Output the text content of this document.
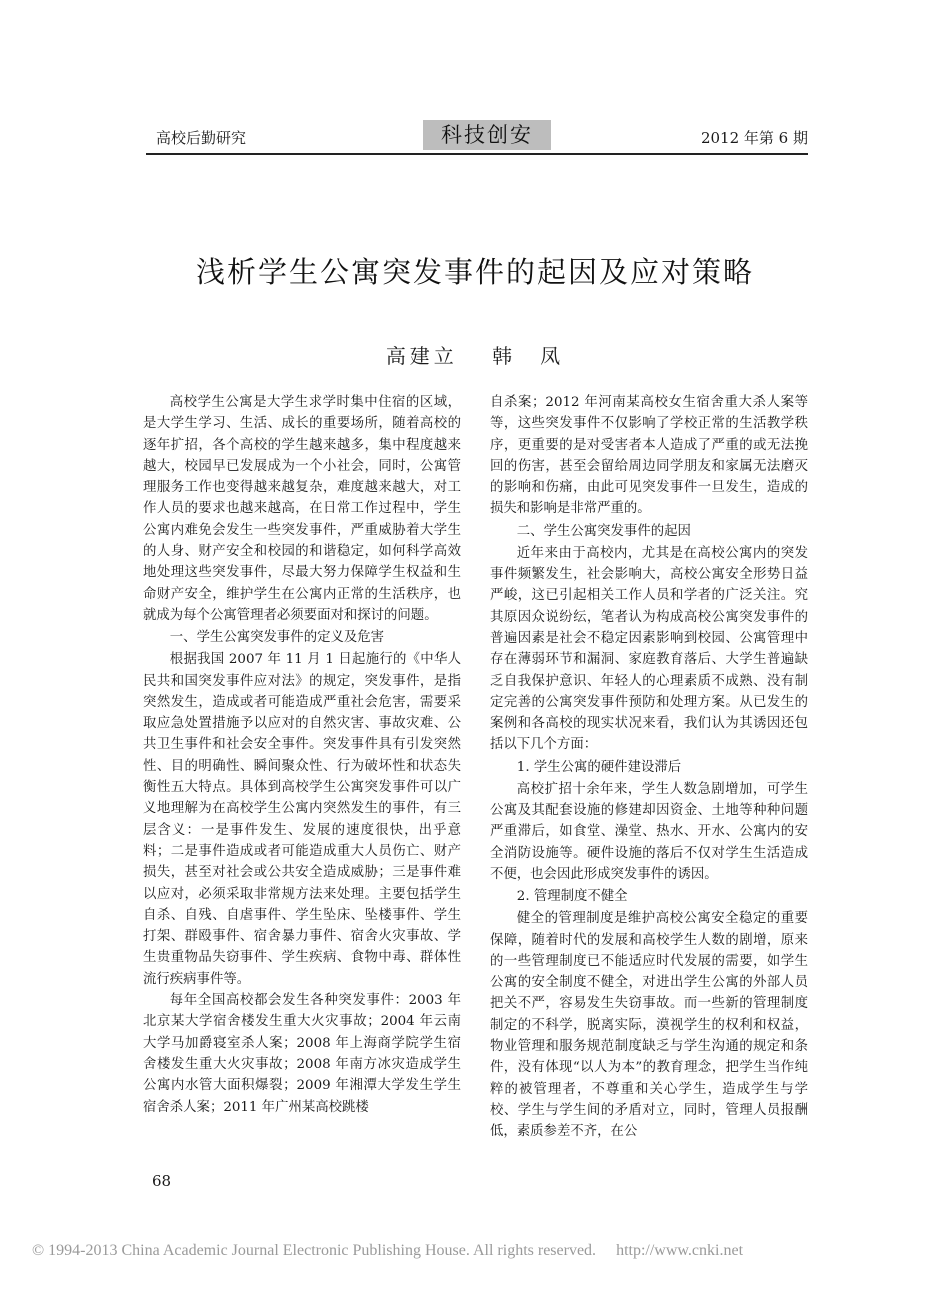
高校后勤研究	科技创安	2012 年第 6 期
浅析学生公寓突发事件的起因及应对策略
高建立 韩　凤

高校学生公寓是大学生求学时集中住宿的区域，是大学生学习、生活、成长的重要场所，随着高校的逐年扩招，各个高校的学生越来越多，集中程度越来越大，校园早已发展成为一个小社会，同时，公寓管理服务工作也变得越来越复杂，难度越来越大，对工作人员的要求也越来越高，在日常工作过程中，学生公寓内难免会发生一些突发事件，严重威胁着大学生的人身、财产安全和校园的和谐稳定，如何科学高效地处理这些突发事件，尽最大努力保障学生权益和生命财产安全，维护学生在公寓内正常的生活秩序，也就成为每个公寓管理者必须要面对和探讨的问题。

一、学生公寓突发事件的定义及危害

根据我国 2007 年 11 月 1 日起施行的《中华人民共和国突发事件应对法》的规定，突发事件，是指突然发生，造成或者可能造成严重社会危害，需要采取应急处置措施予以应对的自然灾害、事故灾难、公共卫生事件和社会安全事件。突发事件具有引发突然性、目的明确性、瞬间聚众性、行为破坏性和状态失衡性五大特点。具体到高校学生公寓突发事件可以广义地理解为在高校学生公寓内突然发生的事件，有三层含义：一是事件发生、发展的速度很快，出乎意料；二是事件造成或者可能造成重大人员伤亡、财产损失，甚至对社会或公共安全造成威胁；三是事件难以应对，必须采取非常规方法来处理。主要包括学生自杀、自残、自虐事件、学生坠床、坠楼事件、学生打架、群殴事件、宿舍暴力事件、宿舍火灾事故、学生贵重物品失窃事件、学生疾病、食物中毒、群体性流行疾病事件等。

每年全国高校都会发生各种突发事件：2003 年北京某大学宿舍楼发生重大火灾事故；2004 年云南大学马加爵寝室杀人案；2008 年上海商学院学生宿舍楼发生重大火灾事故；2008 年南方冰灾造成学生公寓内水管大面积爆裂；2009 年湘潭大学发生学生宿舍杀人案；2011 年广州某高校跳楼

自杀案；2012 年河南某高校女生宿舍重大杀人案等等，这些突发事件不仅影响了学校正常的生活教学秩序，更重要的是对受害者本人造成了严重的或无法挽回的伤害，甚至会留给周边同学朋友和家属无法磨灭的影响和伤痛，由此可见突发事件一旦发生，造成的损失和影响是非常严重的。

二、学生公寓突发事件的起因

近年来由于高校内，尤其是在高校公寓内的突发事件频繁发生，社会影响大，高校公寓安全形势日益严峻，这已引起相关工作人员和学者的广泛关注。究其原因众说纷纭，笔者认为构成高校公寓突发事件的普遍因素是社会不稳定因素影响到校园、公寓管理中存在薄弱环节和漏洞、家庭教育落后、大学生普遍缺乏自我保护意识、年轻人的心理素质不成熟、没有制定完善的公寓突发事件预防和处理方案。从已发生的案例和各高校的现实状况来看，我们认为其诱因还包括以下几个方面：

1. 学生公寓的硬件建设滞后

高校扩招十余年来，学生人数急剧增加，可学生公寓及其配套设施的修建却因资金、土地等种种问题严重滞后，如食堂、澡堂、热水、开水、公寓内的安全消防设施等。硬件设施的落后不仅对学生生活造成不便，也会因此形成突发事件的诱因。

2. 管理制度不健全

健全的管理制度是维护高校公寓安全稳定的重要保障，随着时代的发展和高校学生人数的剧增，原来的一些管理制度已不能适应时代发展的需要，如学生公寓的安全制度不健全，对进出学生公寓的外部人员把关不严，容易发生失窃事故。而一些新的管理制度制定的不科学，脱离实际，漠视学生的权利和权益，物业管理和服务规范制度缺乏与学生沟通的规定和条件，没有体现“以人为本”的教育理念，把学生当作纯粹的被管理者，不尊重和关心学生，造成学生与学校、学生与学生间的矛盾对立，同时，管理人员报酬低，素质参差不齐，在公

68
© 1994-2013 China Academic Journal Electronic Publishing House. All rights reserved. http://www.cnki.net
